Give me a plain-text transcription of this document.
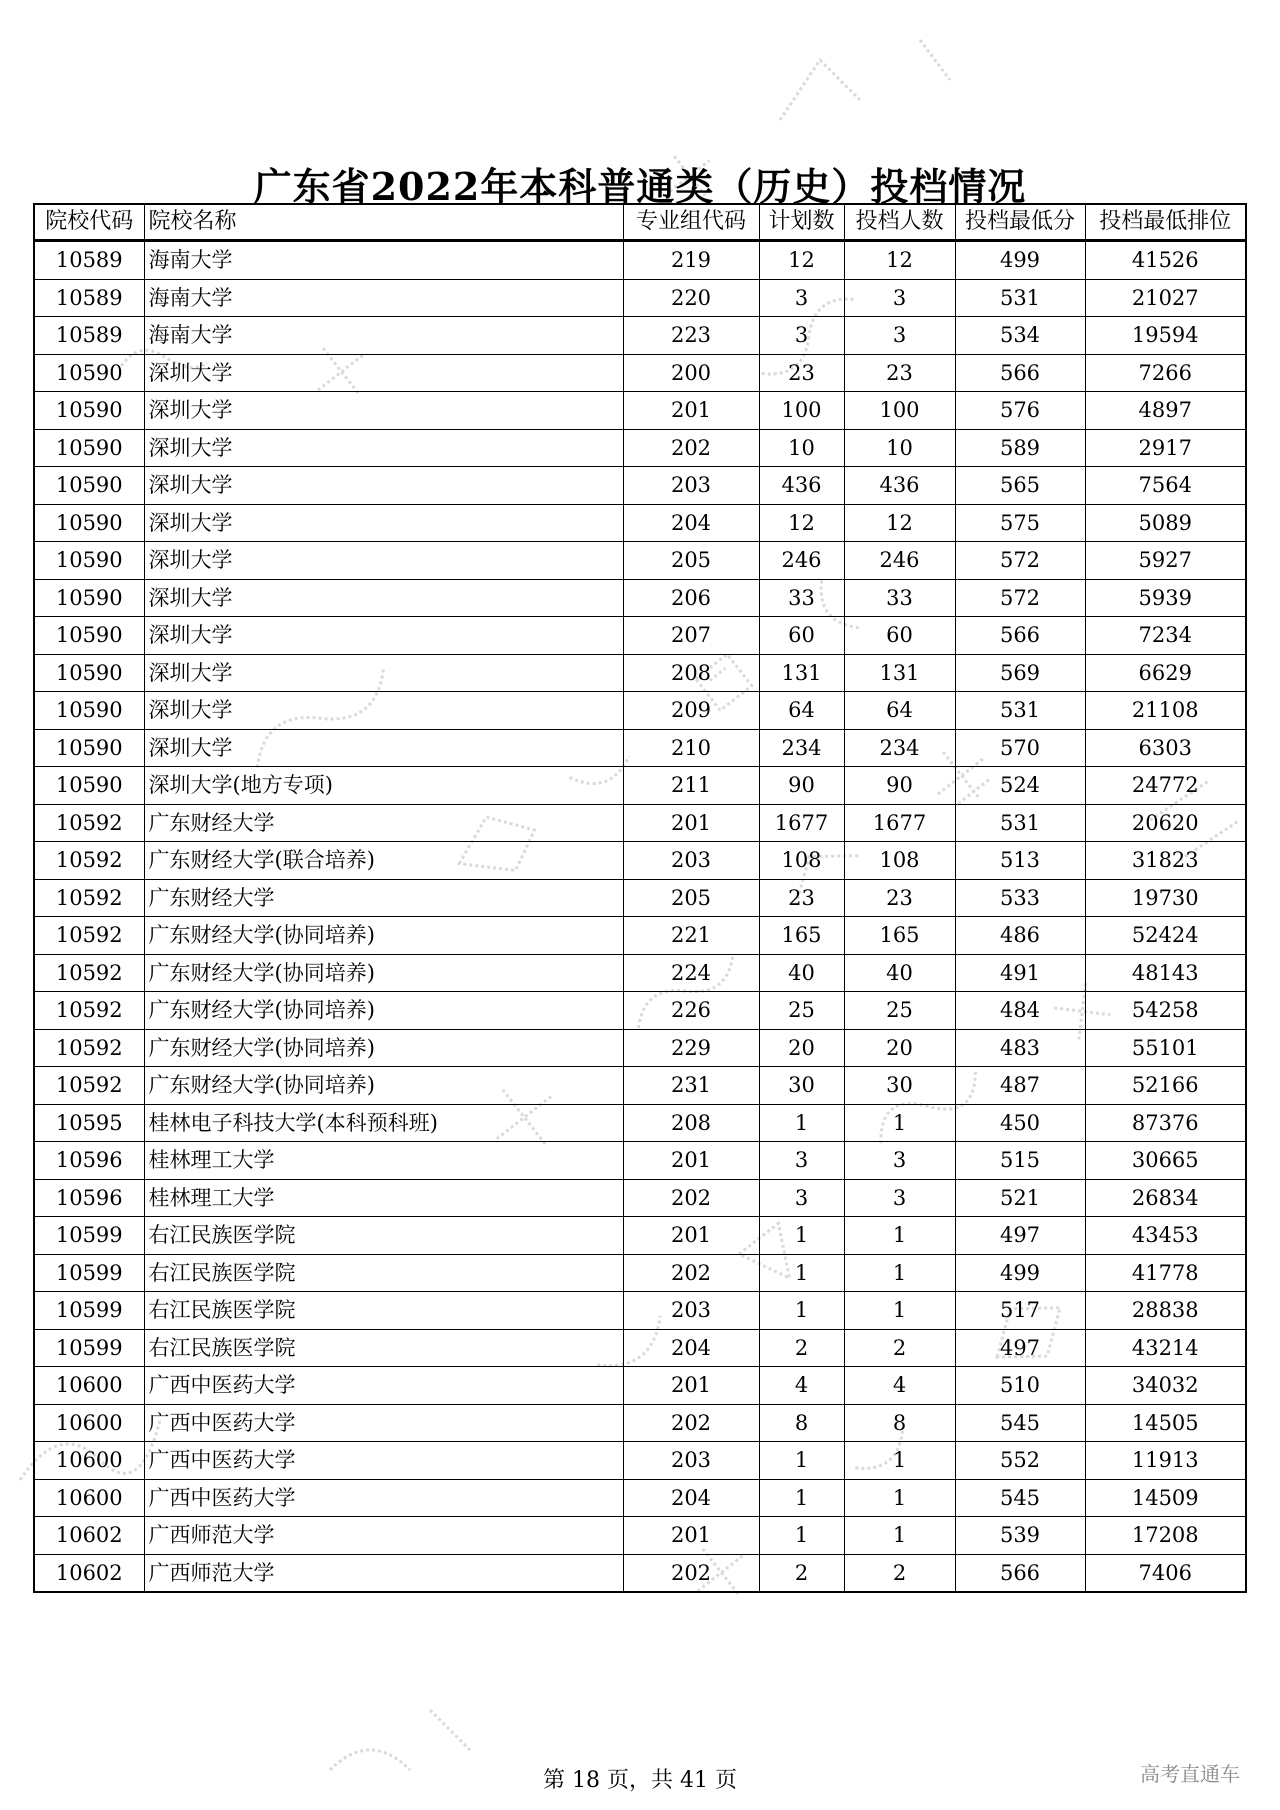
广东省2022年本科普通类（历史）投档情况
院校代码	院校名称	专业组代码	计划数	投档人数	投档最低分	投档最低排位
10589	海南大学	219	12	12	499	41526
10589	海南大学	220	3	3	531	21027
10589	海南大学	223	3	3	534	19594
10590	深圳大学	200	23	23	566	7266
10590	深圳大学	201	100	100	576	4897
10590	深圳大学	202	10	10	589	2917
10590	深圳大学	203	436	436	565	7564
10590	深圳大学	204	12	12	575	5089
10590	深圳大学	205	246	246	572	5927
10590	深圳大学	206	33	33	572	5939
10590	深圳大学	207	60	60	566	7234
10590	深圳大学	208	131	131	569	6629
10590	深圳大学	209	64	64	531	21108
10590	深圳大学	210	234	234	570	6303
10590	深圳大学(地方专项)	211	90	90	524	24772
10592	广东财经大学	201	1677	1677	531	20620
10592	广东财经大学(联合培养)	203	108	108	513	31823
10592	广东财经大学	205	23	23	533	19730
10592	广东财经大学(协同培养)	221	165	165	486	52424
10592	广东财经大学(协同培养)	224	40	40	491	48143
10592	广东财经大学(协同培养)	226	25	25	484	54258
10592	广东财经大学(协同培养)	229	20	20	483	55101
10592	广东财经大学(协同培养)	231	30	30	487	52166
10595	桂林电子科技大学(本科预科班)	208	1	1	450	87376
10596	桂林理工大学	201	3	3	515	30665
10596	桂林理工大学	202	3	3	521	26834
10599	右江民族医学院	201	1	1	497	43453
10599	右江民族医学院	202	1	1	499	41778
10599	右江民族医学院	203	1	1	517	28838
10599	右江民族医学院	204	2	2	497	43214
10600	广西中医药大学	201	4	4	510	34032
10600	广西中医药大学	202	8	8	545	14505
10600	广西中医药大学	203	1	1	552	11913
10600	广西中医药大学	204	1	1	545	14509
10602	广西师范大学	201	1	1	539	17208
10602	广西师范大学	202	2	2	566	7406
第 18 页，共 41 页	高考直通车
